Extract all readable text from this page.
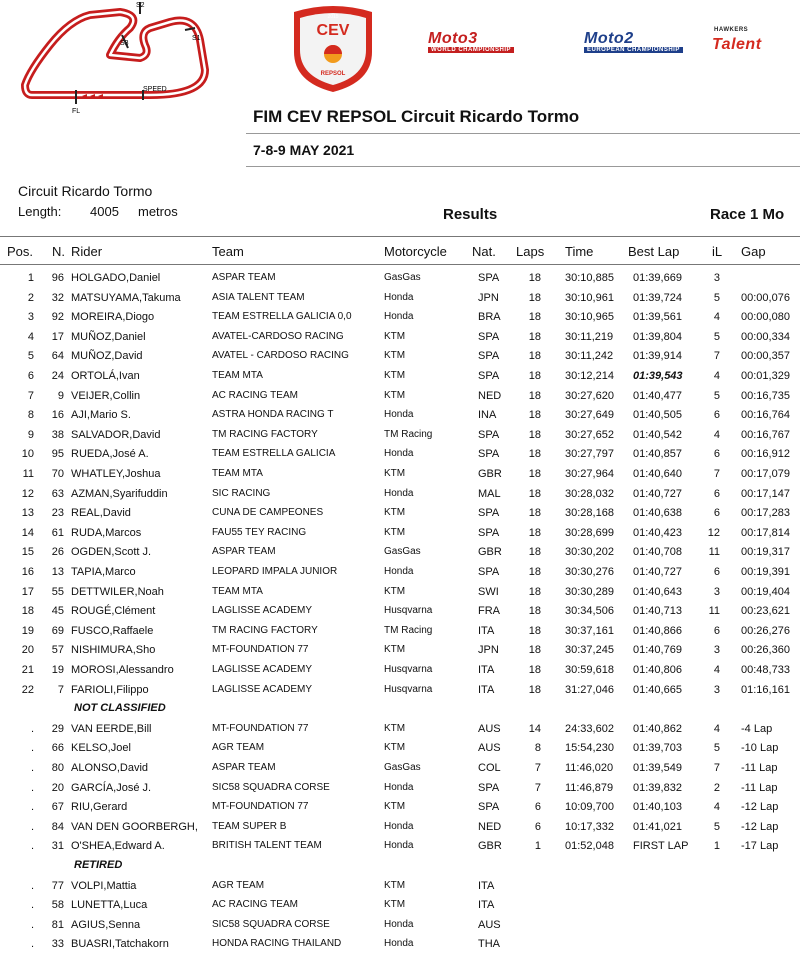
S2
S1
S3
SPEED
FL
2015
CEV
REPSOL
Moto3
WORLD CHAMPIONSHIP
Moto2
EUROPEAN CHAMPIONSHIP
HAWKERS
Talent
FIM CEV REPSOL Circuit Ricardo Tormo
7-8-9 MAY 2021
Circuit Ricardo Tormo
Length: 4005 metros	Results	Race 1 Mo
Pos. N. Rider	Team	Motorcycle Nat. Laps Time	Best Lap	iL Gap
1	96 HOLGADO,Daniel	ASPAR TEAM	GasGas	SPA	18 30:10,885 01:39,669	3
2	32 MATSUYAMA,Takuma	ASIA TALENT TEAM	Honda	JPN	18 30:10,961 01:39,724	5 00:00,076
3	92 MOREIRA,Diogo	TEAM ESTRELLA GALICIA 0,0	Honda	BRA	18 30:10,965 01:39,561	4 00:00,080
4	17 MUÑOZ,Daniel	AVATEL-CARDOSO RACING	KTM	SPA	18 30:11,219 01:39,804	5 00:00,334
5	64 MUÑOZ,David	AVATEL - CARDOSO RACING	KTM	SPA	18 30:11,242 01:39,914	7 00:00,357
6	24 ORTOLÁ,Ivan	TEAM MTA	KTM	SPA	18 30:12,214 01:39,543	4 00:01,329
7	9 VEIJER,Collin	AC RACING TEAM	KTM	NED	18 30:27,620 01:40,477	5 00:16,735
8	16 AJI,Mario S.	ASTRA HONDA RACING T	Honda	INA	18 30:27,649 01:40,505	6 00:16,764
9	38 SALVADOR,David	TM RACING FACTORY	TM Racing	SPA	18 30:27,652 01:40,542	4 00:16,767
10	95 RUEDA,José A.	TEAM ESTRELLA GALICIA	Honda	SPA	18 30:27,797 01:40,857	6 00:16,912
11	70 WHATLEY,Joshua	TEAM MTA	KTM	GBR	18 30:27,964 01:40,640	7 00:17,079
12	63 AZMAN,Syarifuddin	SIC RACING	Honda	MAL	18 30:28,032 01:40,727	6 00:17,147
13	23 REAL,David	CUNA DE CAMPEONES	KTM	SPA	18 30:28,168 01:40,638	6 00:17,283
14	61 RUDA,Marcos	FAU55 TEY RACING	KTM	SPA	18 30:28,699 01:40,423	12 00:17,814
15	26 OGDEN,Scott J.	ASPAR TEAM	GasGas	GBR	18 30:30,202 01:40,708	11 00:19,317
16	13 TAPIA,Marco	LEOPARD IMPALA JUNIOR	Honda	SPA	18 30:30,276 01:40,727	6 00:19,391
17	55 DETTWILER,Noah	TEAM MTA	KTM	SWI	18 30:30,289 01:40,643	3 00:19,404
18	45 ROUGÉ,Clément	LAGLISSE ACADEMY	Husqvarna	FRA	18 30:34,506 01:40,713	11 00:23,621
19	69 FUSCO,Raffaele	TM RACING FACTORY	TM Racing	ITA	18 30:37,161 01:40,866	6 00:26,276
20	57 NISHIMURA,Sho	MT-FOUNDATION 77	KTM	JPN	18 30:37,245 01:40,769	3 00:26,360
21	19 MOROSI,Alessandro	LAGLISSE ACADEMY	Husqvarna	ITA	18 30:59,618 01:40,806	4 00:48,733
22	7 FARIOLI,Filippo	LAGLISSE ACADEMY	Husqvarna	ITA	18 31:27,046 01:40,665	3 01:16,161
NOT CLASSIFIED
.	29 VAN EERDE,Bill	MT-FOUNDATION 77	KTM	AUS	14 24:33,602 01:40,862	4 -4 Lap
.	66 KELSO,Joel	AGR TEAM	KTM	AUS	8 15:54,230 01:39,703	5 -10 Lap
.	80 ALONSO,David	ASPAR TEAM	GasGas	COL	7 11:46,020 01:39,549	7 -11 Lap
.	20 GARCÍA,José J.	SIC58 SQUADRA CORSE	Honda	SPA	7 11:46,879 01:39,832	2 -11 Lap
.	67 RIU,Gerard	MT-FOUNDATION 77	KTM	SPA	6 10:09,700 01:40,103	4 -12 Lap
.	84 VAN DEN GOORBERGH, TEAM SUPER B	Honda	NED	6 10:17,332 01:41,021	5 -12 Lap
.	31 O'SHEA,Edward A.	BRITISH TALENT TEAM	Honda	GBR	1 01:52,048 FIRST LAP	1 -17 Lap
RETIRED
.	77 VOLPI,Mattia	AGR TEAM	KTM	ITA
.	58 LUNETTA,Luca	AC RACING TEAM	KTM	ITA
.	81 AGIUS,Senna	SIC58 SQUADRA CORSE	Honda	AUS
.	33 BUASRI,Tatchakorn	HONDA RACING THAILAND	Honda	THA
